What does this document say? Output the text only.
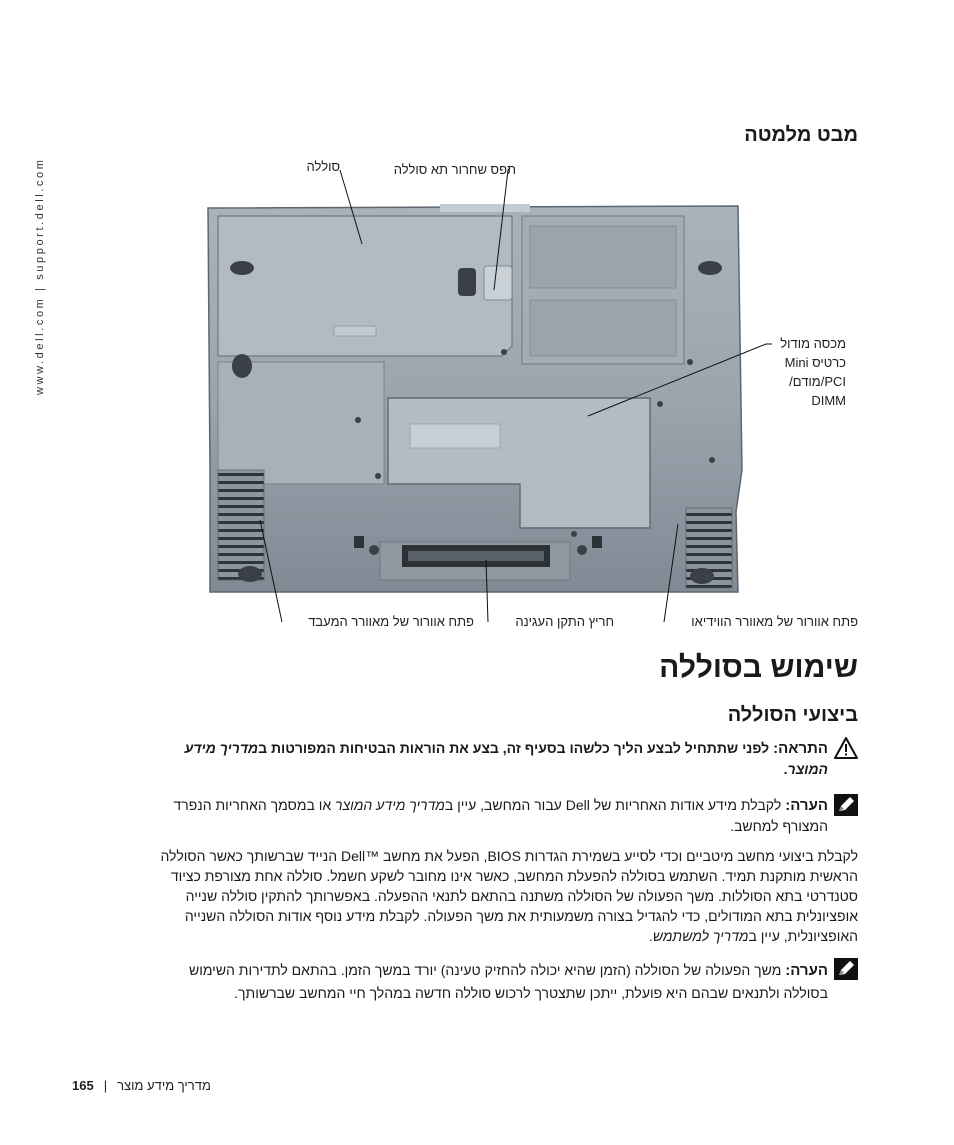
www.dell.com | support.dell.com
מבט מלמטה
סוללה	תפס שחרור תא סוללה
מכסה מודול
כרטיס Mini
PCI/מודם/
DIMM
פתח אוורור של מאוורר הווידיאו
חריץ התקן העגינה
פתח אוורור של מאוורר המעבד
שימוש בסוללה
ביצועי הסוללה
התראה: לפני שתתחיל לבצע הליך כלשהו בסעיף זה, בצע את הוראות הבטיחות המפורטות במדריך מידע המוצר.
הערה: לקבלת מידע אודות האחריות של Dell עבור המחשב, עיין במדריך מידע המוצר או במסמך האחריות הנפרד המצורף למחשב.
לקבלת ביצועי מחשב מיטביים וכדי לסייע בשמירת הגדרות BIOS, הפעל את מחשב ™Dell הנייד שברשותך כאשר הסוללה הראשית מותקנת תמיד. השתמש בסוללה להפעלת המחשב, כאשר אינו מחובר לשקע חשמל. סוללה אחת מצורפת כציוד סטנדרטי בתא הסוללות. משך הפעולה של הסוללה משתנה בהתאם לתנאי ההפעלה. באפשרותך להתקין סוללה שנייה אופציונלית בתא המודולים, כדי להגדיל בצורה משמעותית את משך הפעולה. לקבלת מידע נוסף אודות הסוללה השנייה האופציונלית, עיין במדריך למשתמש.
הערה: משך הפעולה של הסוללה (הזמן שהיא יכולה להחזיק טעינה) יורד במשך הזמן. בהתאם לתדירות השימוש בסוללה ולתנאים שבהם היא פועלת, ייתכן שתצטרך לרכוש סוללה חדשה במהלך חיי המחשב שברשותך.
165 | מדריך מידע מוצר
